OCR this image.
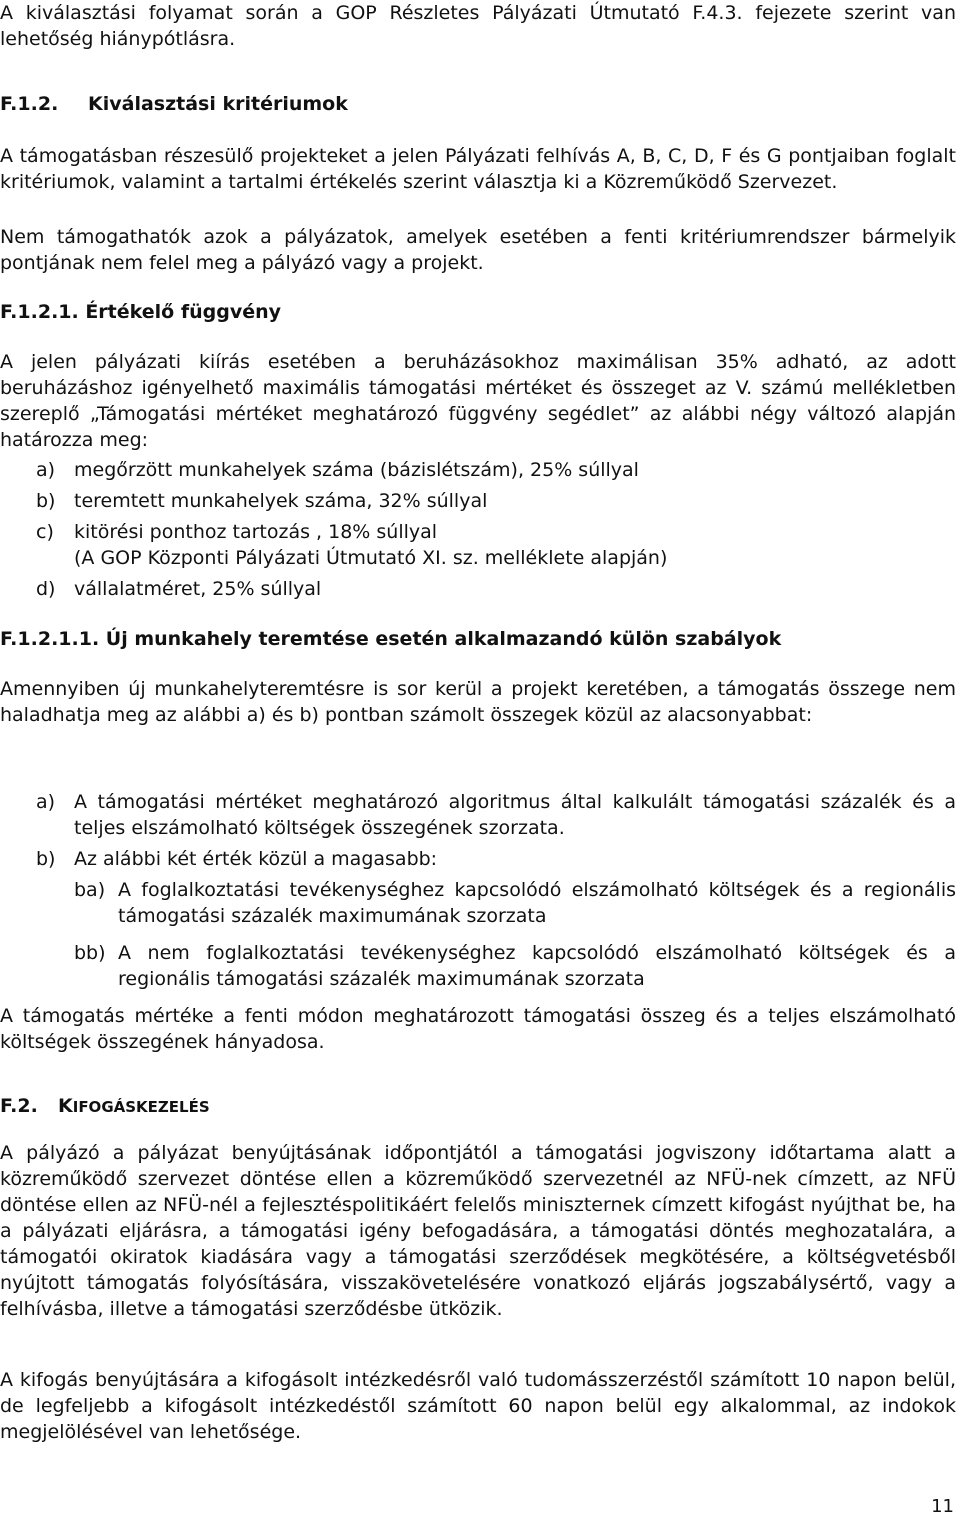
A kiválasztási folyamat során a GOP Részletes Pályázati Útmutató F.4.3. fejezete szerint van lehetőség hiánypótlásra.
F.1.2. Kiválasztási kritériumok
A támogatásban részesülő projekteket a jelen Pályázati felhívás A, B, C, D, F és G pontjaiban foglalt kritériumok, valamint a tartalmi értékelés szerint választja ki a Közreműködő Szervezet.
Nem támogathatók azok a pályázatok, amelyek esetében a fenti kritériumrendszer bármelyik pontjának nem felel meg a pályázó vagy a projekt.
F.1.2.1. Értékelő függvény
A jelen pályázati kiírás esetében a beruházásokhoz maximálisan 35% adható, az adott beruházáshoz igényelhető maximális támogatási mértéket és összeget az V. számú mellékletben szereplő „Támogatási mértéket meghatározó függvény segédlet” az alábbi négy változó alapján határozza meg:
a) megőrzött munkahelyek száma (bázislétszám), 25% súllyal
b) teremtett munkahelyek száma, 32% súllyal
c) kitörési ponthoz tartozás , 18% súllyal
(A GOP Központi Pályázati Útmutató XI. sz. melléklete alapján)
d) vállalatméret, 25% súllyal
F.1.2.1.1. Új munkahely teremtése esetén alkalmazandó külön szabályok
Amennyiben új munkahelyteremtésre is sor kerül a projekt keretében, a támogatás összege nem haladhatja meg az alábbi a) és b) pontban számolt összegek közül az alacsonyabbat:
a) A támogatási mértéket meghatározó algoritmus által kalkulált támogatási százalék és a teljes elszámolható költségek összegének szorzata.
b) Az alábbi két érték közül a magasabb:
ba) A foglalkoztatási tevékenységhez kapcsolódó elszámolható költségek és a regionális támogatási százalék maximumának szorzata
bb) A nem foglalkoztatási tevékenységhez kapcsolódó elszámolható költségek és a regionális támogatási százalék maximumának szorzata
A támogatás mértéke a fenti módon meghatározott támogatási összeg és a teljes elszámolható költségek összegének hányadosa.
F.2. KIFOGÁSKEZELÉS
A pályázó a pályázat benyújtásának időpontjától a támogatási jogviszony időtartama alatt a közreműködő szervezet döntése ellen a közreműködő szervezetnél az NFÜ-nek címzett, az NFÜ döntése ellen az NFÜ-nél a fejlesztéspolitikáért felelős miniszternek címzett kifogást nyújthat be, ha a pályázati eljárásra, a támogatási igény befogadására, a támogatási döntés meghozatalára, a támogatói okiratok kiadására vagy a támogatási szerződések megkötésére, a költségvetésből nyújtott támogatás folyósítására, visszakövetelésére vonatkozó eljárás jogszabálysértő, vagy a felhívásba, illetve a támogatási szerződésbe ütközik.
A kifogás benyújtására a kifogásolt intézkedésről való tudomásszerzéstől számított 10 napon belül, de legfeljebb a kifogásolt intézkedéstől számított 60 napon belül egy alkalommal, az indokok megjelölésével van lehetősége.
11
